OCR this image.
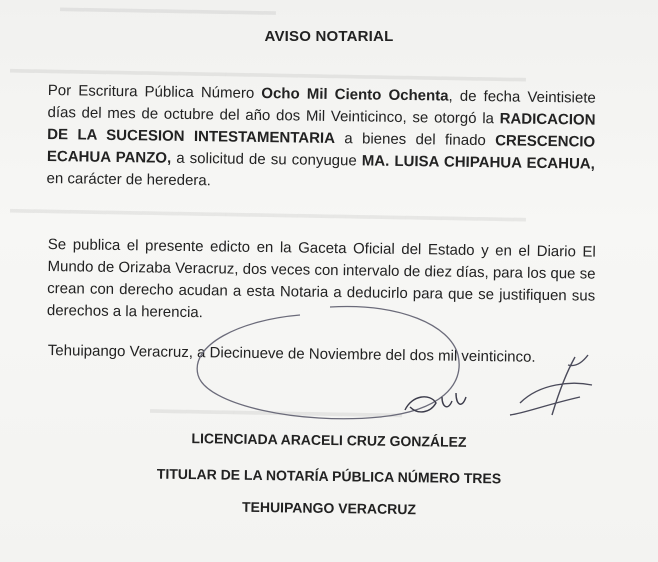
▬▬▬▬▬▬▬▬▬▬▬▬▬▬▬▬▬▬
▬▬▬▬▬▬▬▬▬▬▬▬▬▬▬▬▬▬▬▬▬▬▬▬▬▬▬▬▬▬▬▬▬▬▬▬▬▬▬▬▬▬▬
▬▬▬▬▬▬▬▬▬▬▬▬▬▬▬▬▬▬▬▬▬▬▬▬▬▬▬▬▬▬▬▬▬▬▬▬▬▬▬▬▬▬▬
▬▬▬▬▬▬▬▬▬▬▬▬▬▬▬▬▬▬▬▬▬
AVISO NOTARIAL
Por Escritura Pública Número Ocho Mil Ciento Ochenta, de fecha Veintisiete días del mes de octubre del año dos Mil Veinticinco, se otorgó la RADICACION DE LA SUCESION INTESTAMENTARIA a bienes del finado CRESCENCIO ECAHUA PANZO, a solicitud de su conyugue MA. LUISA CHIPAHUA ECAHUA, en carácter de heredera.
Se publica el presente edicto en la Gaceta Oficial del Estado y en el Diario El Mundo de Orizaba Veracruz, dos veces con intervalo de diez días, para los que se crean con derecho acudan a esta Notaria a deducirlo para que se justifiquen sus derechos a la herencia.
Tehuipango Veracruz, a Diecinueve de Noviembre del dos mil veinticinco.
LICENCIADA ARACELI CRUZ GONZÁLEZ
TITULAR DE LA NOTARÍA PÚBLICA NÚMERO TRES
TEHUIPANGO VERACRUZ
